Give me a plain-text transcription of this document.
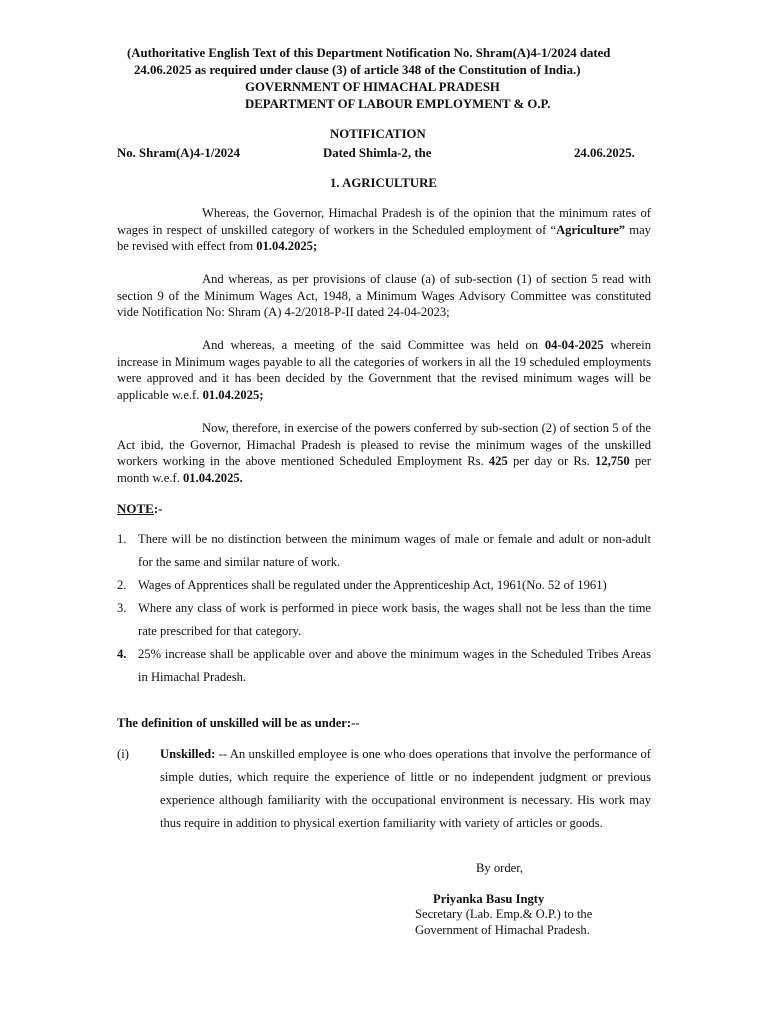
(Authoritative English Text of this Department Notification No. Shram(A)4-1/2024 dated
24.06.2025 as required under clause (3) of article 348 of the Constitution of India.)
GOVERNMENT OF HIMACHAL PRADESH
DEPARTMENT OF LABOUR EMPLOYMENT & O.P.
NOTIFICATION
No. Shram(A)4-1/2024	Dated Shimla-2, the	24.06.2025.
1. AGRICULTURE
Whereas, the Governor, Himachal Pradesh is of the opinion that the minimum rates of wages in respect of unskilled category of workers in the Scheduled employment of “Agriculture” may be revised with effect from 01.04.2025;
And whereas, as per provisions of clause (a) of sub-section (1) of section 5 read with section 9 of the Minimum Wages Act, 1948, a Minimum Wages Advisory Committee was constituted vide Notification No: Shram (A) 4-2/2018-P-II dated 24-04-2023;
And whereas, a meeting of the said Committee was held on 04-04-2025 wherein increase in Minimum wages payable to all the categories of workers in all the 19 scheduled employments were approved and it has been decided by the Government that the revised minimum wages will be applicable w.e.f. 01.04.2025;
Now, therefore, in exercise of the powers conferred by sub-section (2) of section 5 of the Act ibid, the Governor, Himachal Pradesh is pleased to revise the minimum wages of the unskilled workers working in the above mentioned Scheduled Employment Rs. 425 per day or Rs. 12,750 per month w.e.f. 01.04.2025.
NOTE:-
1. There will be no distinction between the minimum wages of male or female and adult or non-adult for the same and similar nature of work.
2. Wages of Apprentices shall be regulated under the Apprenticeship Act, 1961(No. 52 of 1961)
3. Where any class of work is performed in piece work basis, the wages shall not be less than the time rate prescribed for that category.
4. 25% increase shall be applicable over and above the minimum wages in the Scheduled Tribes Areas in Himachal Pradesh.
The definition of unskilled will be as under:--
(i) Unskilled: -- An unskilled employee is one who does operations that involve the performance of simple duties, which require the experience of little or no independent judgment or previous experience although familiarity with the occupational environment is necessary. His work may thus require in addition to physical exertion familiarity with variety of articles or goods.
By order,
Priyanka Basu Ingty
Secretary (Lab. Emp.& O.P.) to the
Government of Himachal Pradesh.
